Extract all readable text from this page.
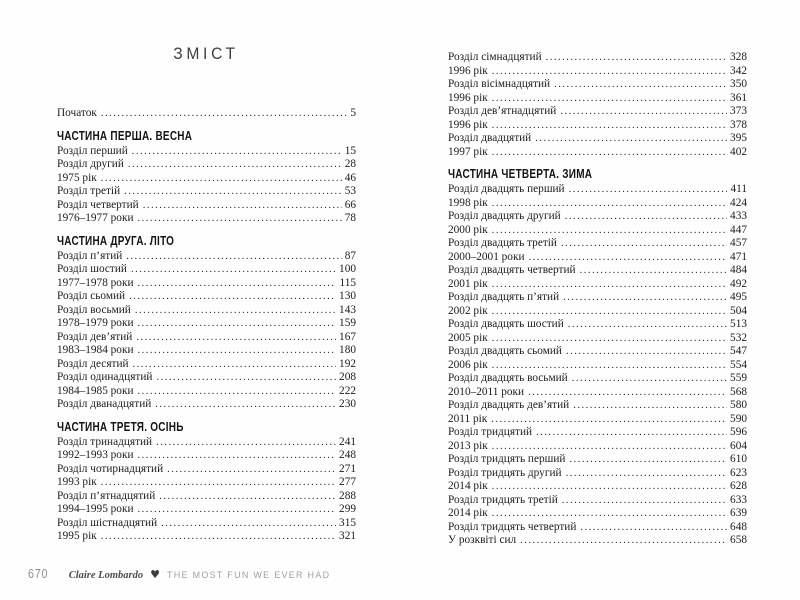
ЗМІСТ
Початок .....	5
ЧАСТИНА ПЕРША. ВЕСНА
Розділ перший .....	15
Розділ другий .....	28
1975 рік .....	46
Розділ третій .....	53
Розділ четвертий .....	66
1976–1977 роки .....	78
ЧАСТИНА ДРУГА. ЛІТО
Розділ п’ятий .....	87
Розділ шостий .....	100
1977–1978 роки .....	115
Розділ сьомий .....	130
Розділ восьмий .....	143
1978–1979 роки .....	159
Розділ дев’ятий .....	167
1983–1984 роки .....	180
Розділ десятий .....	192
Розділ одинадцятий .....	208
1984–1985 роки .....	222
Розділ дванадцятий .....	230
ЧАСТИНА ТРЕТЯ. ОСІНЬ
Розділ тринадцятий .....	241
1992–1993 роки .....	248
Розділ чотирнадцятий .....	271
1993 рік .....	277
Розділ п’ятнадцятий .....	288
1994–1995 роки .....	299
Розділ шістнадцятий .....	315
1995 рік .....	321
Розділ сімнадцятий .....	328
1996 рік .....	342
Розділ вісімнадцятий .....	350
1996 рік .....	361
Розділ дев’ятнадцятий .....	373
1996 рік .....	378
Розділ двадцятий .....	395
1997 рік .....	402
ЧАСТИНА ЧЕТВЕРТА. ЗИМА
Розділ двадцять перший .....	411
1998 рік .....	424
Розділ двадцять другий .....	433
2000 рік .....	447
Розділ двадцять третій .....	457
2000–2001 роки .....	471
Розділ двадцять четвертий .....	484
2001 рік .....	492
Розділ двадцять п’ятий .....	495
2002 рік .....	504
Розділ двадцять шостий .....	513
2005 рік .....	532
Розділ двадцять сьомий .....	547
2006 рік .....	554
Розділ двадцять восьмий .....	559
2010–2011 роки .....	568
Розділ двадцять дев’ятий .....	580
2011 рік .....	590
Розділ тридцятий .....	596
2013 рік .....	604
Розділ тридцять перший .....	610
Розділ тридцять другий .....	623
2014 рік .....	628
Розділ тридцять третій .....	633
2014 рік .....	639
Розділ тридцять четвертий .....	648
У розквіті сил .....	658
670 Claire Lombardo ♥ THE MOST FUN WE EVER HAD
